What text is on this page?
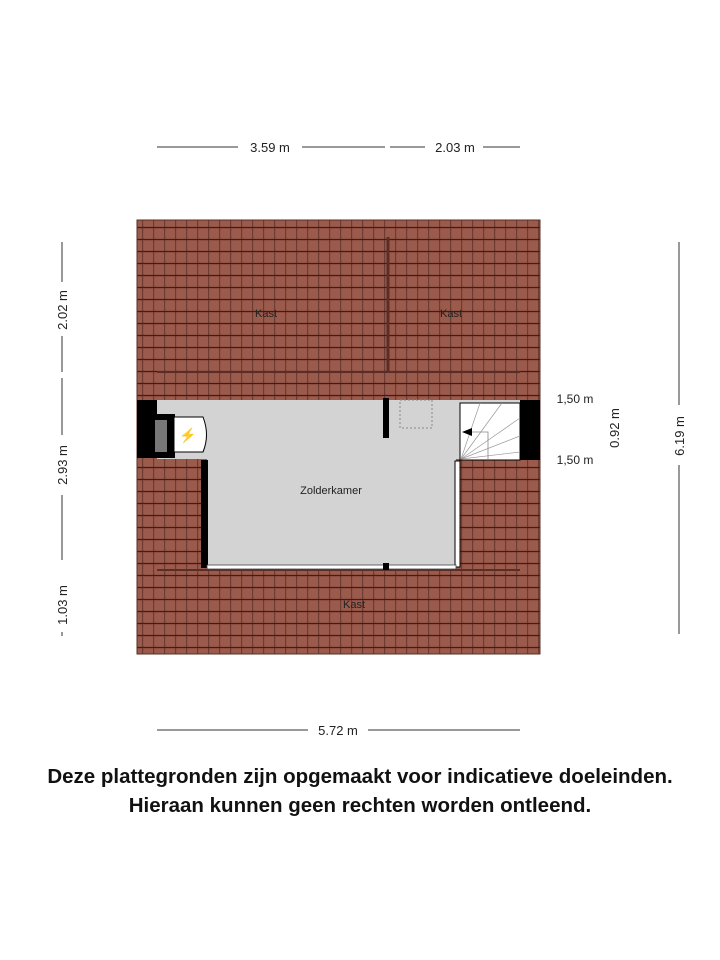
3.59 m	2.03 m
2.02 m
2.93 m
1.03 m
6.19 m
0.92 m
1,50 m
1,50 m
⚡
Kast	Kast
Zolderkamer
Kast
5.72 m
Deze plattegronden zijn opgemaakt voor indicatieve doeleinden.
Hieraan kunnen geen rechten worden ontleend.
